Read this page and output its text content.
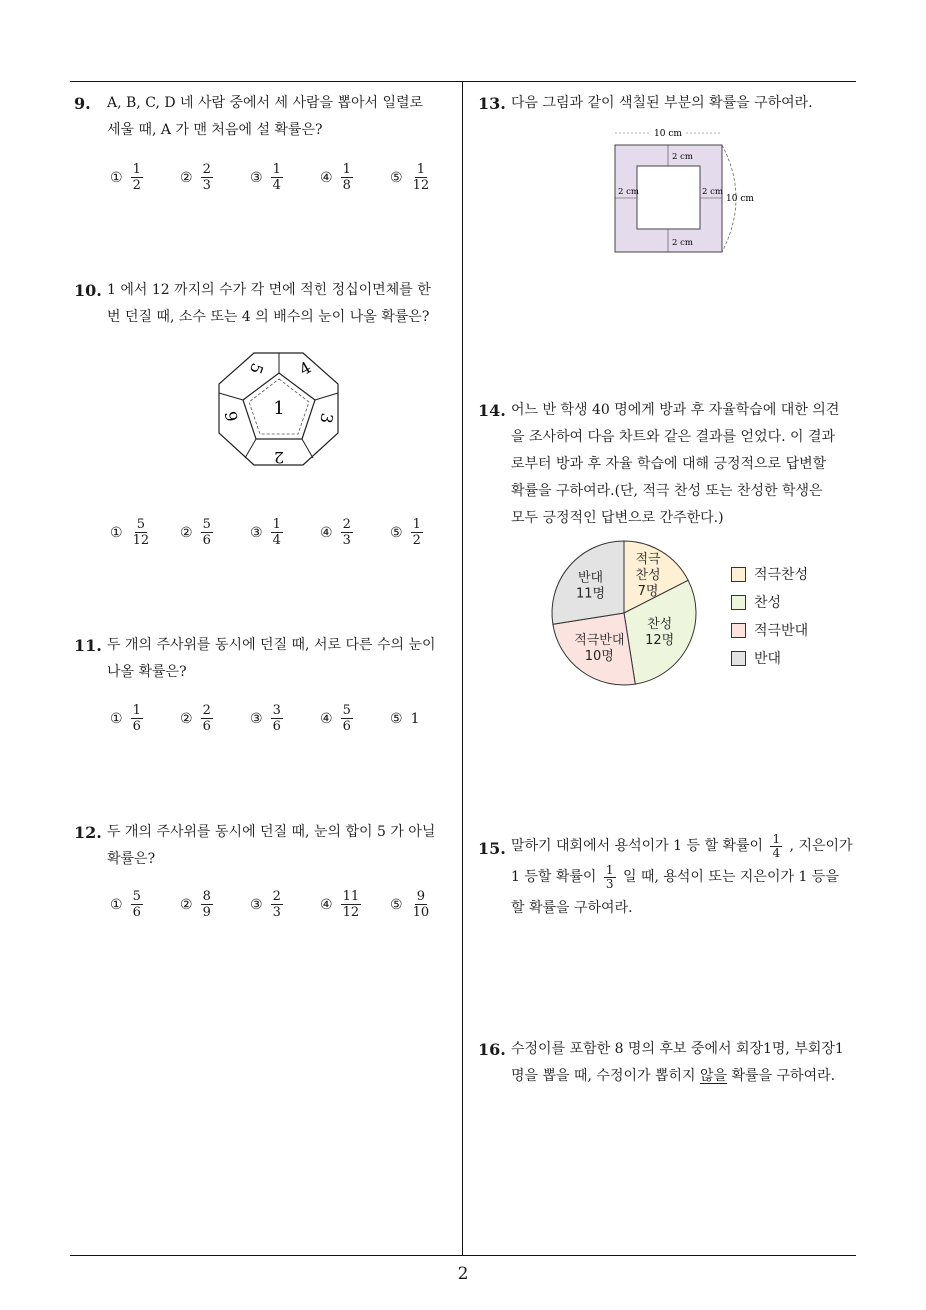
9. A, B, C, D 네 사람 중에서 세 사람을 뽑아서 일렬로

세울 때, A 가 맨 처음에 설 확률은?

① $\frac{1}{2}$	② $\frac{2}{3}$	③ $\frac{1}{4}$	④ $\frac{1}{8}$	⑤ $\frac{1}{12}$
10. 1 에서 12 까지의 수가 각 면에 적힌 정십이면체를 한

번 던질 때, 소수 또는 4 의 배수의 눈이 나올 확률은?

1
5 4
3
2
6
① $\frac{5}{12}$ ② $\frac{5}{6}$	③ $\frac{1}{4}$	④ $\frac{2}{3}$	⑤ $\frac{1}{2}$
11. 두 개의 주사위를 동시에 던질 때, 서로 다른 수의 눈이

나올 확률은?

① $\frac{1}{6}$	② $\frac{2}{6}$	③ $\frac{3}{6}$	④ $\frac{5}{6}$	⑤ 1
12. 두 개의 주사위를 동시에 던질 때, 눈의 합이 5 가 아닐

확률은?

① $\frac{5}{6}$	② $\frac{8}{9}$	③ $\frac{2}{3}$	④ $\frac{11}{12}$ ⑤ $\frac{9}{10}$
13. 다음 그림과 같이 색칠된 부분의 확률을 구하여라.

10 cm
10 cm
2 cm
2 cm
2 cm	2 cm
14. 어느 반 학생 40 명에게 방과 후 자율학습에 대한 의견

을 조사하여 다음 차트와 같은 결과를 얻었다. 이 결과

로부터 방과 후 자율 학습에 대해 긍정적으로 답변할

확률을 구하여라.(단, 적극 찬성 또는 찬성한 학생은

모두 긍정적인 답변으로 간주한다.)

적극
찬성
7명
찬성
12명
적극반대
10명
반대
11명
적극찬성
찬성
적극반대
반대
15. 말하기 대회에서 용석이가 1 등 할 확률이 $\frac{1}{4}$ , 지은이가

1 등할 확률이 $\frac{1}{3}$ 일 때, 용석이 또는 지은이가 1 등을

할 확률을 구하여라.

16. 수정이를 포함한 8 명의 후보 중에서 회장1명, 부회장1

명을 뽑을 때, 수정이가 뽑히지 않을 확률을 구하여라.

2
